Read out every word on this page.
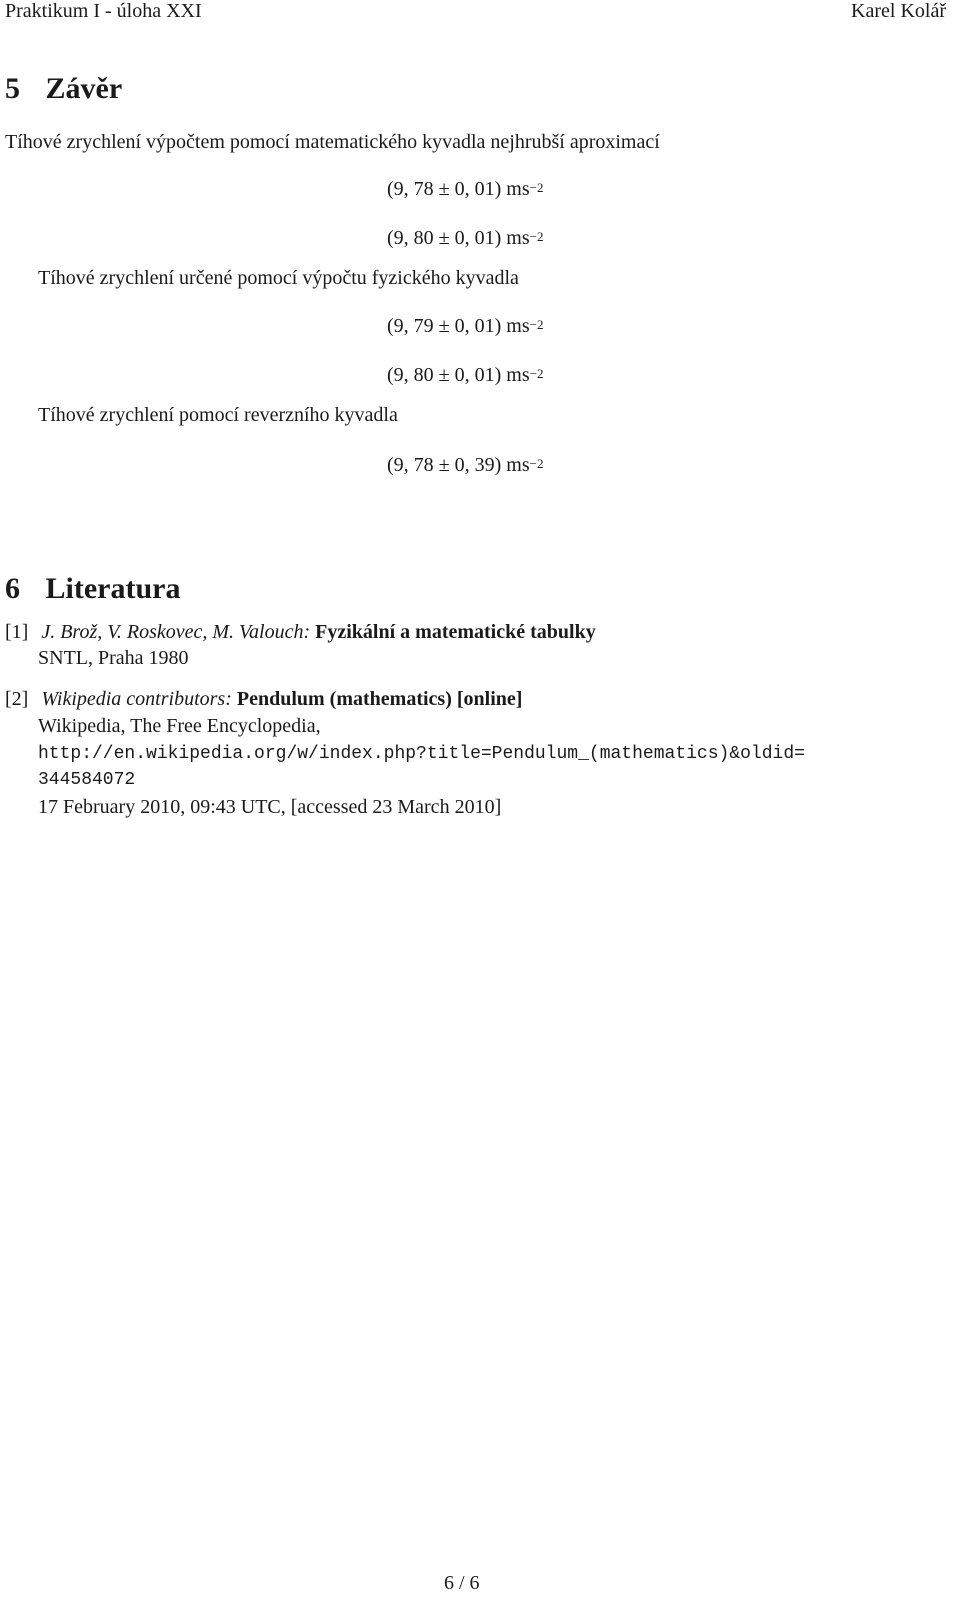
Praktikum I - úloha XXI	Karel Kolář
5 Závěr
Tíhové zrychlení výpočtem pomocí matematického kyvadla nejhrubší aproximací
(9, 78 ± 0, 01) $ms^{-2}$
(9, 80 ± 0, 01) $ms^{-2}$
Tíhové zrychlení určené pomocí výpočtu fyzického kyvadla
(9, 79 ± 0, 01) $ms^{-2}$
(9, 80 ± 0, 01) $ms^{-2}$
Tíhové zrychlení pomocí reverzního kyvadla
(9, 78 ± 0, 39) $ms^{-2}$
6 Literatura
[1] J. Brož, V. Roskovec, M. Valouch: Fyzikální a matematické tabulky
SNTL, Praha 1980
[2] Wikipedia contributors: Pendulum (mathematics) [online]
Wikipedia, The Free Encyclopedia,
http://en.wikipedia.org/w/index.php?title=Pendulum_(mathematics)&oldid=
344584072
17 February 2010, 09:43 UTC, [accessed 23 March 2010]
6 / 6
